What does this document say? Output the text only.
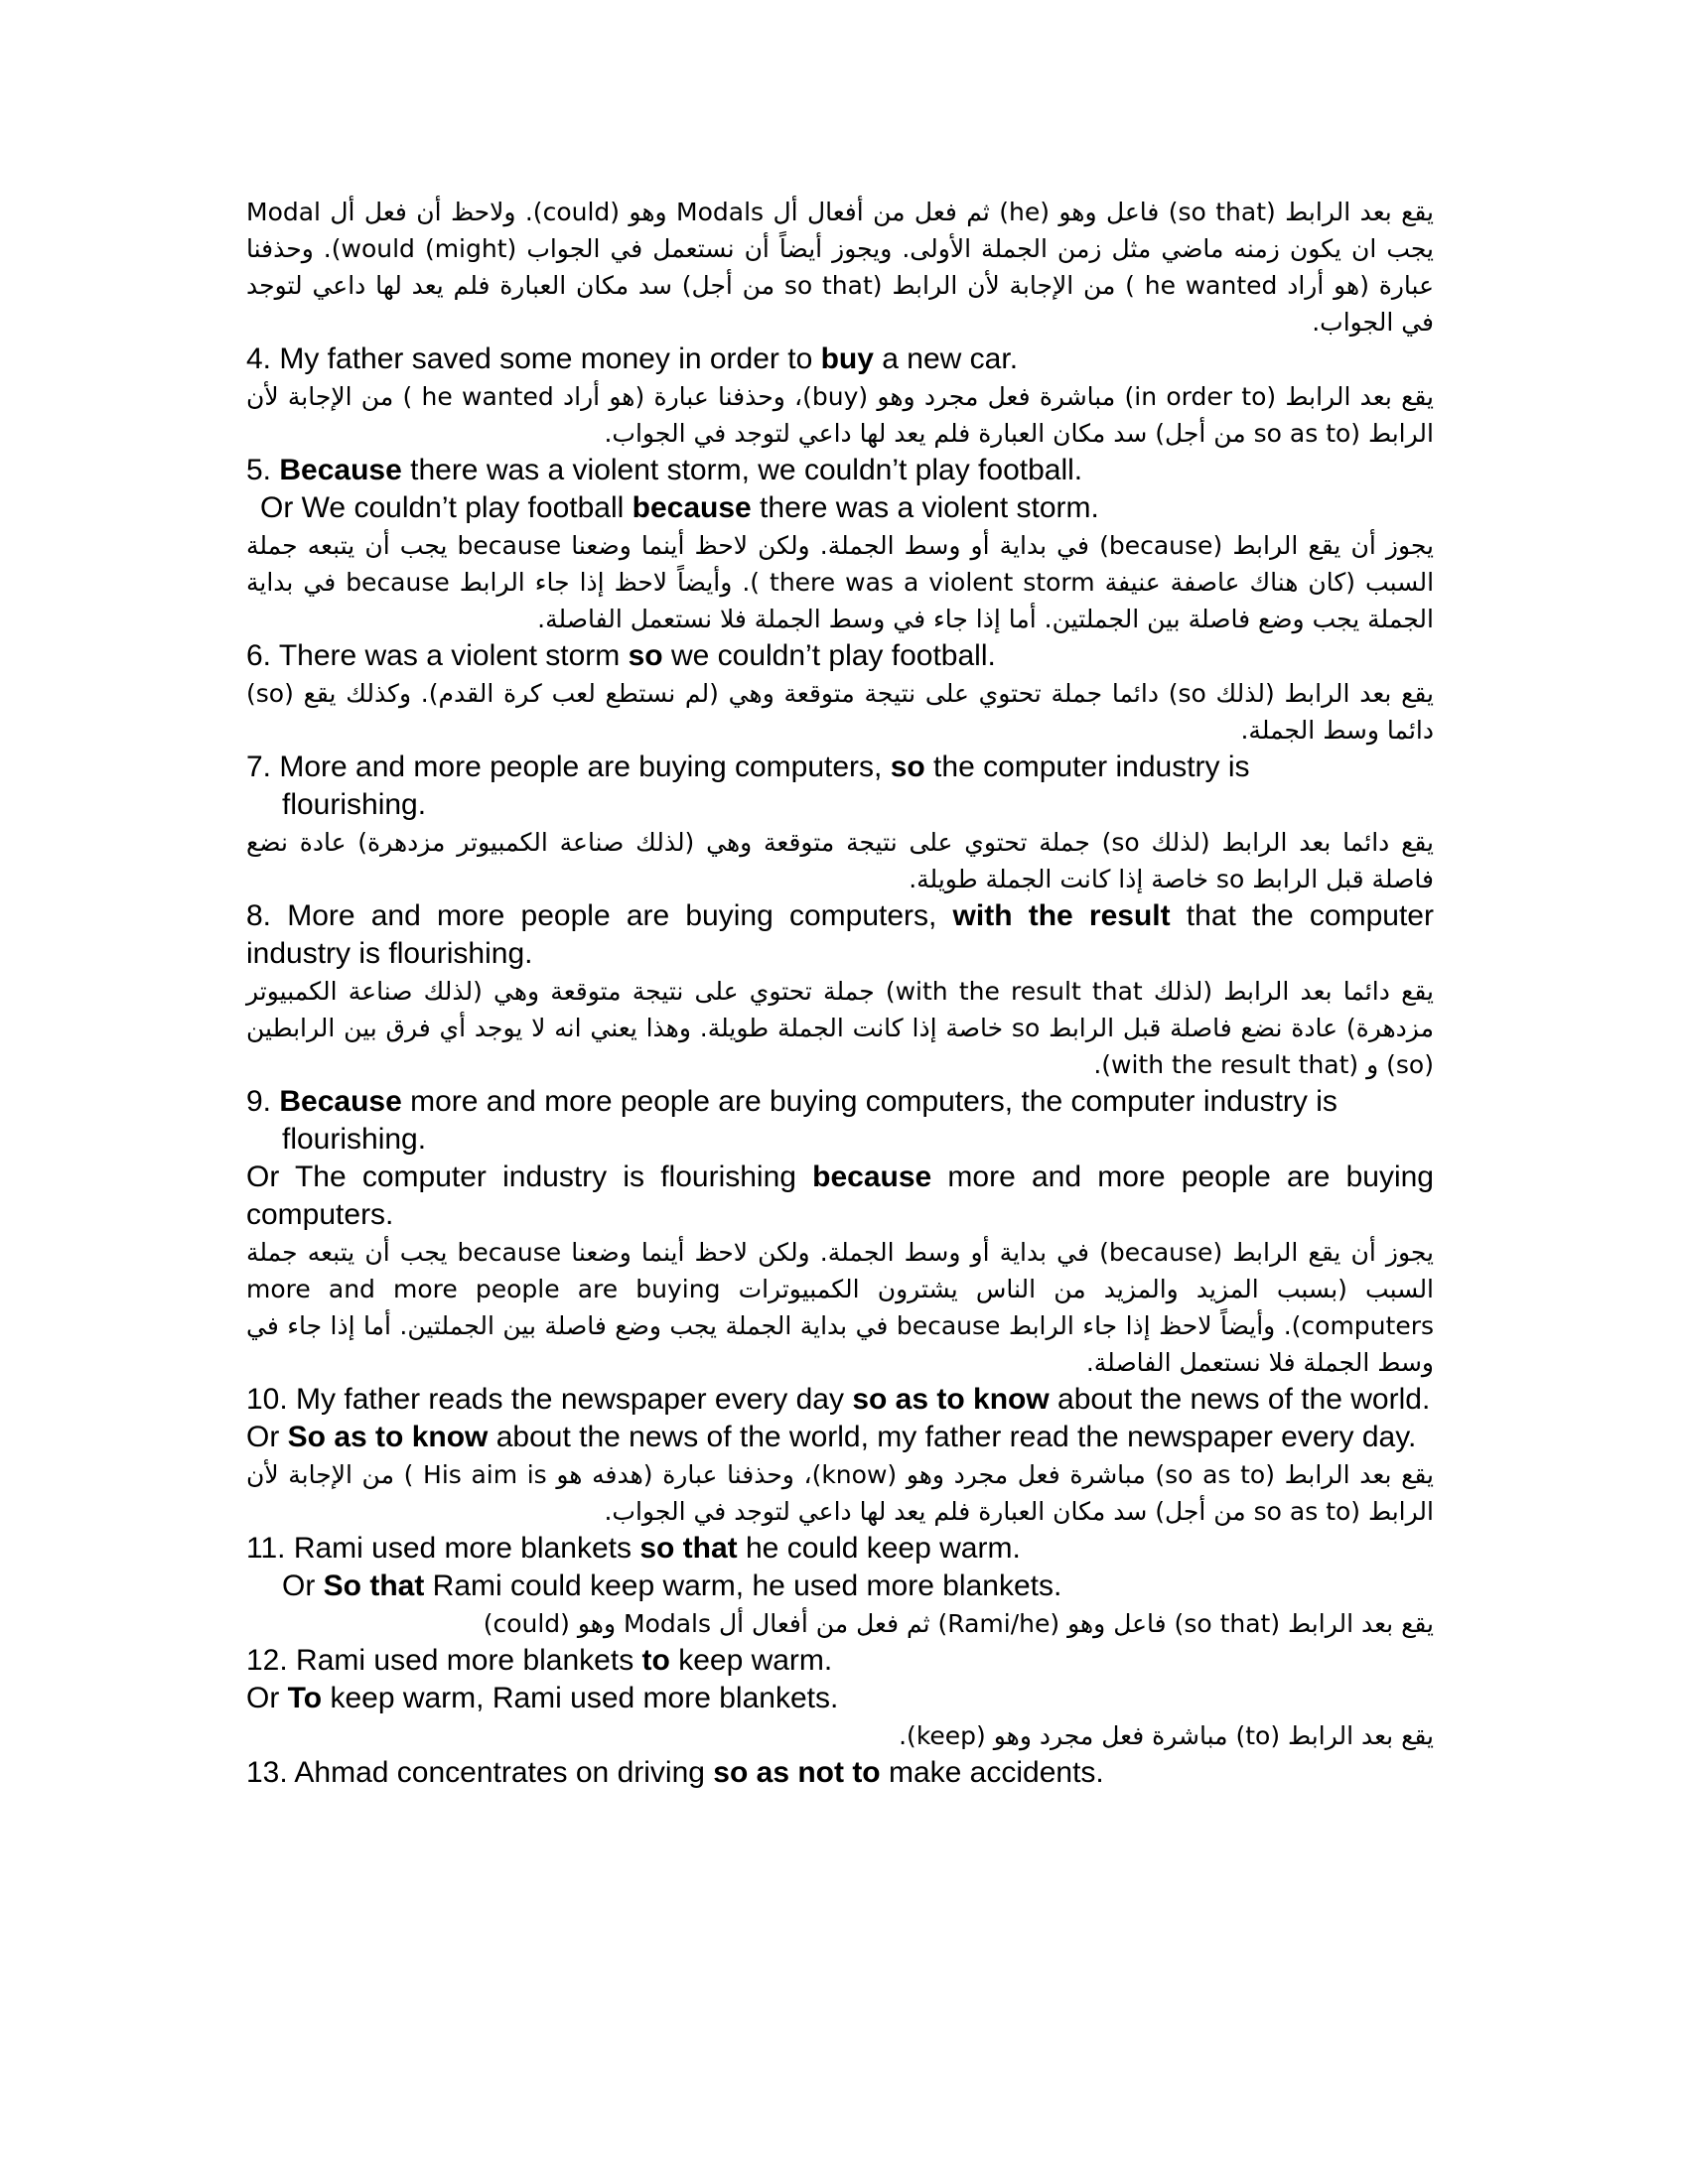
يقع بعد الرابط (so that) فاعل وهو (he) ثم فعل من أفعال أل Modals وهو (could). ولاحظ أن فعل أل Modal يجب ان يكون زمنه ماضي مثل زمن الجملة الأولى. ويجوز أيضاً أن نستعمل في الجواب (might) would). وحذفنا عبارة (هو أراد he wanted ) من الإجابة لأن الرابط (so that من أجل) سد مكان العبارة فلم يعد لها داعي لتوجد في الجواب.

4. My father saved some money in order to buy a new car.

يقع بعد الرابط (in order to) مباشرة فعل مجرد وهو (buy)، وحذفنا عبارة (هو أراد he wanted ) من الإجابة لأن الرابط (so as to من أجل) سد مكان العبارة فلم يعد لها داعي لتوجد في الجواب.

5. Because there was a violent storm, we couldn’t play football.

Or We couldn’t play football because there was a violent storm.

يجوز أن يقع الرابط (because) في بداية أو وسط الجملة. ولكن لاحظ أينما وضعنا because يجب أن يتبعه جملة السبب (كان هناك عاصفة عنيفة there was a violent storm ). وأيضاً لاحظ إذا جاء الرابط because في بداية الجملة يجب وضع فاصلة بين الجملتين. أما إذا جاء في وسط الجملة فلا نستعمل الفاصلة.

6. There was a violent storm so we couldn’t play football.

يقع بعد الرابط (لذلك so) دائما جملة تحتوي على نتيجة متوقعة وهي (لم نستطع لعب كرة القدم). وكذلك يقع (so) دائما وسط الجملة.

7. More and more people are buying computers, so the computer industry is

flourishing.

يقع دائما بعد الرابط (لذلك so) جملة تحتوي على نتيجة متوقعة وهي (لذلك صناعة الكمبيوتر مزدهرة) عادة نضع فاصلة قبل الرابط so خاصة إذا كانت الجملة طويلة.

8. More and more people are buying computers, with the result that the computer industry is flourishing.

يقع دائما بعد الرابط (لذلك with the result that) جملة تحتوي على نتيجة متوقعة وهي (لذلك صناعة الكمبيوتر مزدهرة) عادة نضع فاصلة قبل الرابط so خاصة إذا كانت الجملة طويلة. وهذا يعني انه لا يوجد أي فرق بين الرابطين (so) و (with the result that).

9. Because more and more people are buying computers, the computer industry is

flourishing.

Or The computer industry is flourishing because more and more people are buying computers.

يجوز أن يقع الرابط (because) في بداية أو وسط الجملة. ولكن لاحظ أينما وضعنا because يجب أن يتبعه جملة السبب (بسبب المزيد والمزيد من الناس يشترون الكمبيوترات more and more people are buying computers). وأيضاً لاحظ إذا جاء الرابط because في بداية الجملة يجب وضع فاصلة بين الجملتين. أما إذا جاء في وسط الجملة فلا نستعمل الفاصلة.

10. My father reads the newspaper every day so as to know about the news of the world.

Or So as to know about the news of the world, my father read the newspaper every day.

يقع بعد الرابط (so as to) مباشرة فعل مجرد وهو (know)، وحذفنا عبارة (هدفه هو His aim is ) من الإجابة لأن الرابط (so as to من أجل) سد مكان العبارة فلم يعد لها داعي لتوجد في الجواب.

11. Rami used more blankets so that he could keep warm.

Or So that Rami could keep warm, he used more blankets.

يقع بعد الرابط (so that) فاعل وهو (Rami/he) ثم فعل من أفعال أل Modals وهو (could)

12. Rami used more blankets to keep warm.

Or To keep warm, Rami used more blankets.

يقع بعد الرابط (to) مباشرة فعل مجرد وهو (keep).

13. Ahmad concentrates on driving so as not to make accidents.
